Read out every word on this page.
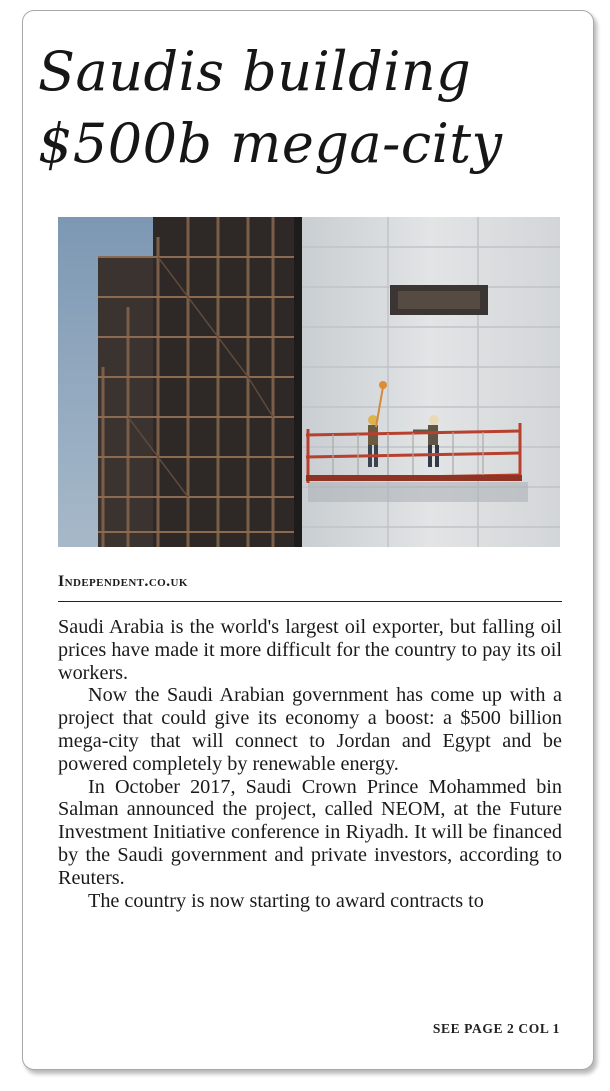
Saudis building
$500b mega-city
Independent.co.uk

Saudi Arabia is the world's largest oil exporter, but falling oil prices have made it more difficult for the country to pay its oil workers.

Now the Saudi Arabian government has come up with a project that could give its economy a boost: a $500 billion mega-city that will connect to Jordan and Egypt and be powered completely by renewable energy.

In October 2017, Saudi Crown Prince Mohammed bin Salman announced the project, called NEOM, at the Future Investment Initiative conference in Riyadh. It will be financed by the Saudi government and private investors, according to Reuters.

The country is now starting to award contracts to

SEE PAGE 2 COL 1
